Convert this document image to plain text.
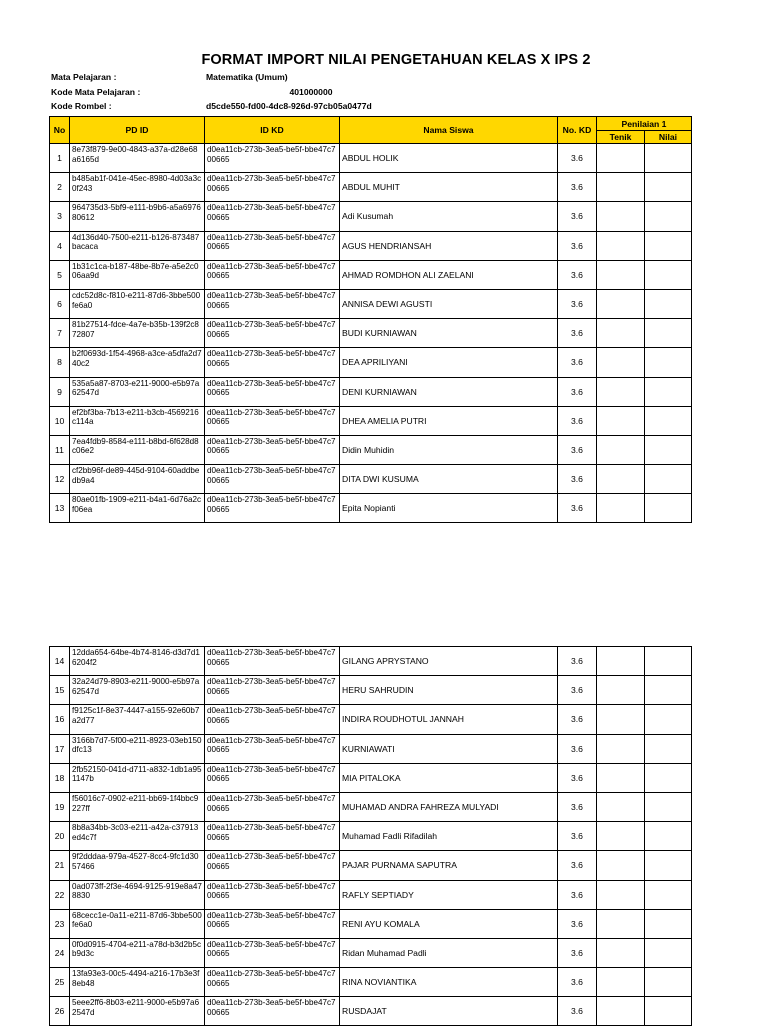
FORMAT IMPORT NILAI PENGETAHUAN KELAS X IPS 2
Mata Pelajaran :	Matematika (Umum)
Kode Mata Pelajaran :	401000000
Kode Rombel :	d5cde550-fd00-4dc8-926d-97cb05a0477d
No	PD ID	ID KD	Nama Siswa	No. KD	Penilaian 1	
					Tenik	Nilai
1	8e73f879-9e00-4843-a37a-d28e68a6165d	d0ea11cb-273b-3ea5-be5f-bbe47c700665	ABDUL HOLIK	3.6		
2	b485ab1f-041e-45ec-8980-4d03a3c0f243	d0ea11cb-273b-3ea5-be5f-bbe47c700665	ABDUL MUHIT	3.6		
3	964735d3-5bf9-e111-b9b6-a5a697680612	d0ea11cb-273b-3ea5-be5f-bbe47c700665	Adi Kusumah	3.6		
4	4d136d40-7500-e211-b126-873487bacaca	d0ea11cb-273b-3ea5-be5f-bbe47c700665	AGUS HENDRIANSAH	3.6		
5	1b31c1ca-b187-48be-8b7e-a5e2c006aa9d	d0ea11cb-273b-3ea5-be5f-bbe47c700665	AHMAD ROMDHON ALI ZAELANI	3.6		
6	cdc52d8c-f810-e211-87d6-3bbe500fe6a0	d0ea11cb-273b-3ea5-be5f-bbe47c700665	ANNISA DEWI AGUSTI	3.6		
7	81b27514-fdce-4a7e-b35b-139f2c872807	d0ea11cb-273b-3ea5-be5f-bbe47c700665	BUDI KURNIAWAN	3.6		
8	b2f0693d-1f54-4968-a3ce-a5dfa2d740c2	d0ea11cb-273b-3ea5-be5f-bbe47c700665	DEA APRILIYANI	3.6		
9	535a5a87-8703-e211-9000-e5b97a62547d	d0ea11cb-273b-3ea5-be5f-bbe47c700665	DENI KURNIAWAN	3.6		
10	ef2bf3ba-7b13-e211-b3cb-4569216c114a	d0ea11cb-273b-3ea5-be5f-bbe47c700665	DHEA AMELIA PUTRI	3.6		
11	7ea4fdb9-8584-e111-b8bd-6f628d8c06e2	d0ea11cb-273b-3ea5-be5f-bbe47c700665	Didin Muhidin	3.6		
12	cf2bb96f-de89-445d-9104-60addbedb9a4	d0ea11cb-273b-3ea5-be5f-bbe47c700665	DITA DWI KUSUMA	3.6		
13	80ae01fb-1909-e211-b4a1-6d76a2cf06ea	d0ea11cb-273b-3ea5-be5f-bbe47c700665	Epita Nopianti	3.6		
14	12dda654-64be-4b74-8146-d3d7d16204f2	d0ea11cb-273b-3ea5-be5f-bbe47c700665	GILANG APRYSTANO	3.6		
15	32a24d79-8903-e211-9000-e5b97a62547d	d0ea11cb-273b-3ea5-be5f-bbe47c700665	HERU SAHRUDIN	3.6		
16	f9125c1f-8e37-4447-a155-92e60b7a2d77	d0ea11cb-273b-3ea5-be5f-bbe47c700665	INDIRA ROUDHOTUL JANNAH	3.6		
17	3166b7d7-5f00-e211-8923-03eb150dfc13	d0ea11cb-273b-3ea5-be5f-bbe47c700665	KURNIAWATI	3.6		
18	2fb52150-041d-d711-a832-1db1a951147b	d0ea11cb-273b-3ea5-be5f-bbe47c700665	MIA PITALOKA	3.6		
19	f56016c7-0902-e211-bb69-1f4bbc9227ff	d0ea11cb-273b-3ea5-be5f-bbe47c700665	MUHAMAD ANDRA FAHREZA MULYADI	3.6		
20	8b8a34bb-3c03-e211-a42a-c37913ed4c7f	d0ea11cb-273b-3ea5-be5f-bbe47c700665	Muhamad Fadli Rifadilah	3.6		
21	9f2dddaa-979a-4527-8cc4-9fc1d3057466	d0ea11cb-273b-3ea5-be5f-bbe47c700665	PAJAR PURNAMA SAPUTRA	3.6		
22	0ad073ff-2f3e-4694-9125-919e8a478830	d0ea11cb-273b-3ea5-be5f-bbe47c700665	RAFLY SEPTIADY	3.6		
23	68cecc1e-0a11-e211-87d6-3bbe500fe6a0	d0ea11cb-273b-3ea5-be5f-bbe47c700665	RENI AYU KOMALA	3.6		
24	0f0d0915-4704-e211-a78d-b3d2b5cb9d3c	d0ea11cb-273b-3ea5-be5f-bbe47c700665	Ridan Muhamad Padli	3.6		
25	13fa93e3-00c5-4494-a216-17b3e3f8eb48	d0ea11cb-273b-3ea5-be5f-bbe47c700665	RINA NOVIANTIKA	3.6		
26	5eee2ff6-8b03-e211-9000-e5b97a62547d	d0ea11cb-273b-3ea5-be5f-bbe47c700665	RUSDAJAT	3.6		
